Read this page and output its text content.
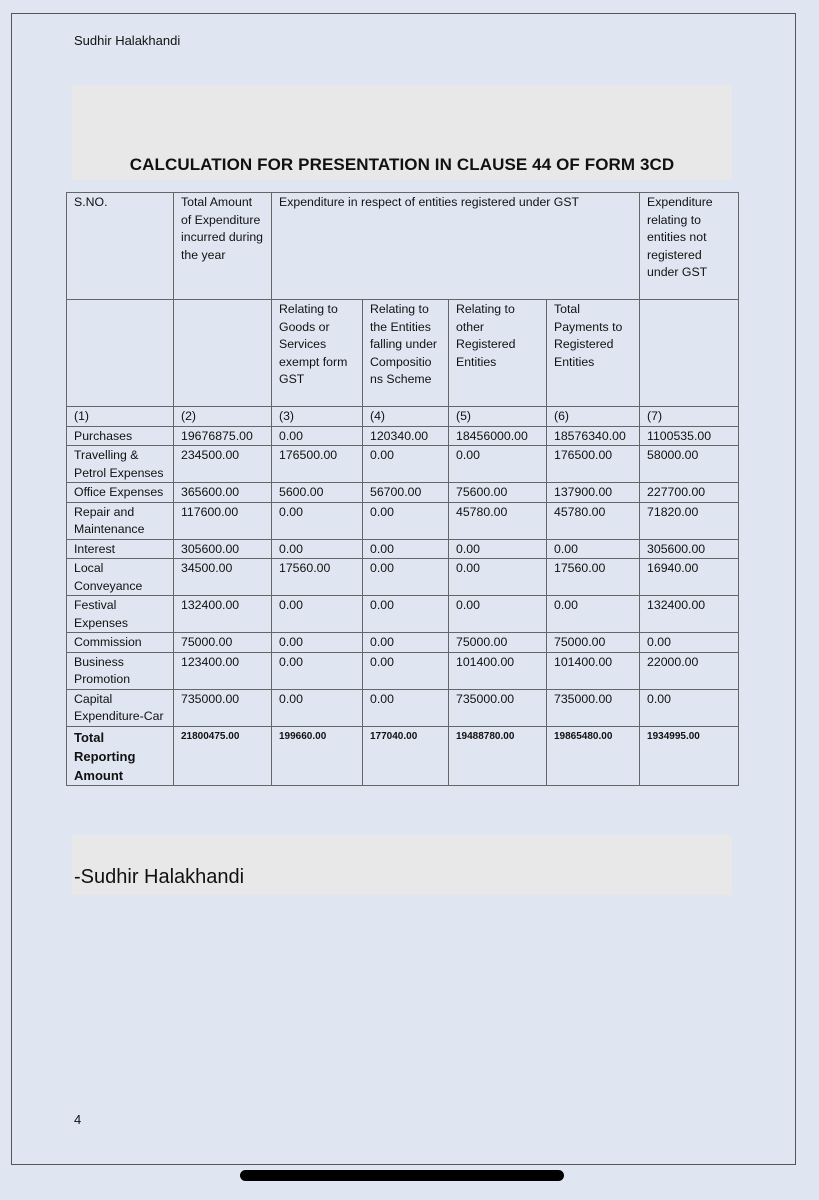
Sudhir Halakhandi
CALCULATION FOR PRESENTATION IN CLAUSE 44 OF FORM 3CD
S.NO.	Total Amount of Expenditure incurred during the year	Expenditure in respect of entities registered under GST				Expenditure relating to entities not registered under GST
		Relating to Goods or Services exempt form GST	Relating to the Entities falling under Compositio ns Scheme	Relating to other Registered Entities	Total Payments to Registered Entities	
(1)	(2)	(3)	(4)	(5)	(6)	(7)
Purchases	19676875.00	0.00	120340.00	18456000.00	18576340.00	1100535.00
Travelling & Petrol Expenses	234500.00	176500.00	0.00	0.00	176500.00	58000.00
Office Expenses	365600.00	5600.00	56700.00	75600.00	137900.00	227700.00
Repair and Maintenance	117600.00	0.00	0.00	45780.00	45780.00	71820.00
Interest	305600.00	0.00	0.00	0.00	0.00	305600.00
Local Conveyance	34500.00	17560.00	0.00	0.00	17560.00	16940.00
Festival Expenses	132400.00	0.00	0.00	0.00	0.00	132400.00
Commission	75000.00	0.00	0.00	75000.00	75000.00	0.00
Business Promotion	123400.00	0.00	0.00	101400.00	101400.00	22000.00
Capital Expenditure-Car	735000.00	0.00	0.00	735000.00	735000.00	0.00
Total Reporting Amount	21800475.00	199660.00	177040.00	19488780.00	19865480.00	1934995.00
-Sudhir Halakhandi
4
